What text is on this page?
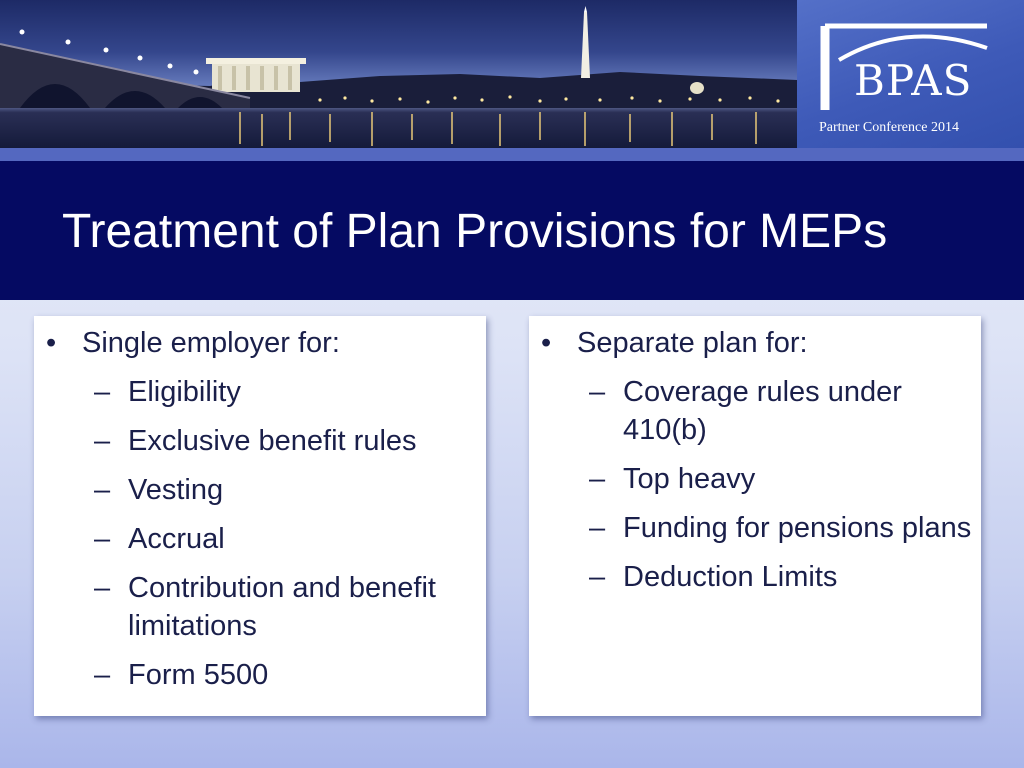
BPAS
Partner Conference 2014
Treatment of Plan Provisions for MEPs
• Single employer for:
– Eligibility
– Exclusive benefit rules
– Vesting
– Accrual
– Contribution and benefit limitations
– Form 5500
• Separate plan for:
– Coverage rules under 410(b)
– Top heavy
– Funding for pensions plans
– Deduction Limits
